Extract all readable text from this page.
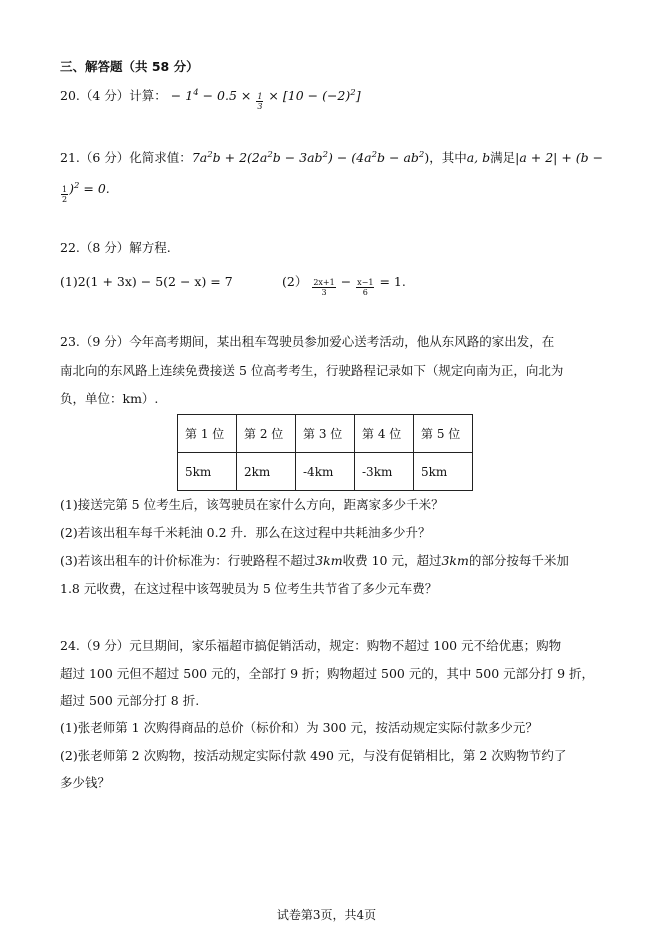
三、解答题（共 58 分）
20.（4 分）计算： − $1^4 - 0.5 \times \frac{1}{3} \times [10 - (-2)^2]$
21.（6 分）化简求值：$7a^2b + 2(2a^2b - 3ab^2) - (4a^2b - ab^2)$，其中a, b满足|a + 2| + (b −
$\frac{1}{2} )^2 = 0$.
22.（8 分）解方程.
(1)2(1 + 3x) − 5(2 − x) = 7	$(2) \frac{2x+1}{3} - \frac{x-1}{6} = 1$.
23.（9 分）今年高考期间，某出租车驾驶员参加爱心送考活动，他从东风路的家出发，在
南北向的东风路上连续免费接送 5 位高考考生，行驶路程记录如下（规定向南为正，向北为
负，单位：km）.
第 1 位	第 2 位	第 3 位	第 4 位	第 5 位
5km	2km	-4km	-3km	5km
(1)接送完第 5 位考生后，该驾驶员在家什么方向，距离家多少千米？
(2)若该出租车每千米耗油 0.2 升．那么在这过程中共耗油多少升？
(3)若该出租车的计价标准为：行驶路程不超过3km收费 10 元，超过3km的部分按每千米加
1.8 元收费，在这过程中该驾驶员为 5 位考生共节省了多少元车费？
24.（9 分）元旦期间，家乐福超市搞促销活动，规定：购物不超过 100 元不给优惠；购物
超过 100 元但不超过 500 元的，全部打 9 折；购物超过 500 元的，其中 500 元部分打 9 折，
超过 500 元部分打 8 折.
(1)张老师第 1 次购得商品的总价（标价和）为 300 元，按活动规定实际付款多少元？
(2)张老师第 2 次购物，按活动规定实际付款 490 元，与没有促销相比，第 2 次购物节约了
多少钱？
试卷第3页，共4页
